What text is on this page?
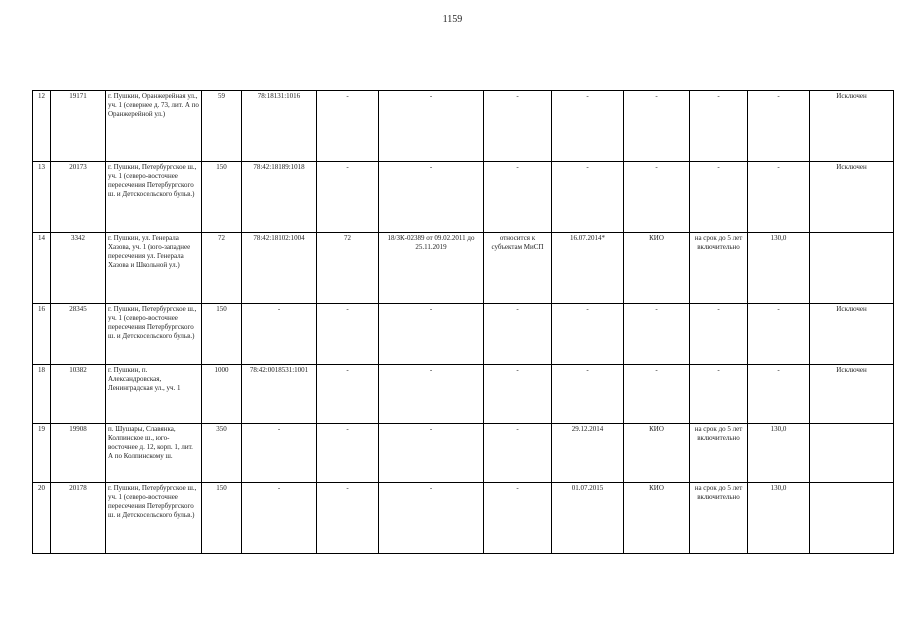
1159
12	19171	г. Пушкин, Оранжерейная ул., уч. 1 (севернее д. 73, лит. А по Оранжерейной ул.)	59	78:18131:1016	-	-	-	-	-	-	-	Исключен
13	20173	г. Пушкин, Петербургское ш., уч. 1 (северо-восточнее пересечения Петербургского ш. и Детскосельского бульв.)	150	78:42:18189:1018	-	-	-	-	-	-	-	Исключен
14	3342	г. Пушкин, ул. Генерала Хазова, уч. 1 (юго-западнее пересечения ул. Генерала Хазова и Школьной ул.)	72	78:42:18102:1004	72	18/ЗК-02389 от 09.02.2011 до 25.11.2019	относится к субъектам МиСП	16.07.2014*	КИО	на срок до 5 лет включительно	130,0	
16	28345	г. Пушкин, Петербургское ш., уч. 1 (северо-восточнее пересечения Петербургского ш. и Детскосельского бульв.)	150	-	-	-	-	-	-	-	-	Исключен
18	10382	г. Пушкин, п. Александровская, Ленинградская ул., уч. 1	1000	78:42:0018531:1001	-	-	-	-	-	-	-	Исключен
19	19908	п. Шушары, Славянка, Колпинское ш., юго-восточнее д. 12, корп. 1, лит. А по Колпинскому ш.	350	-	-	-	-	29.12.2014	КИО	на срок до 5 лет включительно	130,0	
20	20178	г. Пушкин, Петербургское ш., уч. 1 (северо-восточнее пересечения Петербургского ш. и Детскосельского бульв.)	150	-	-	-	-	01.07.2015	КИО	на срок до 5 лет включительно	130,0	
